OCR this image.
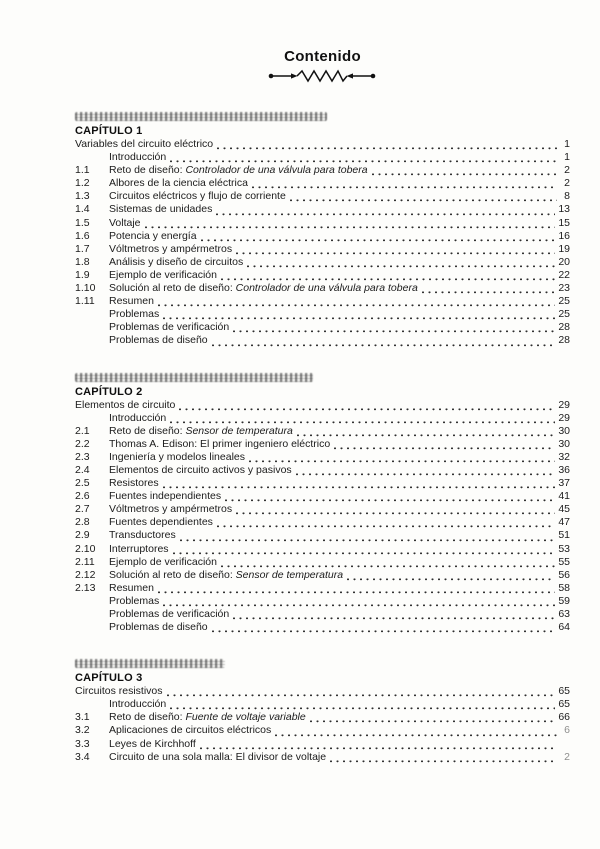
Contenido
CAPÍTULO 1
Variables del circuito eléctrico	1
Introducción	1
1.1	Reto de diseño: Controlador de una válvula para tobera	2
1.2	Albores de la ciencia eléctrica	2
1.3	Circuitos eléctricos y flujo de corriente	8
1.4	Sistemas de unidades	13
1.5	Voltaje	15
1.6	Potencia y energía	16
1.7	Vóltmetros y ampérmetros	19
1.8	Análisis y diseño de circuitos	20
1.9	Ejemplo de verificación	22
1.10	Solución al reto de diseño: Controlador de una válvula para tobera	23
1.11	Resumen	25
Problemas	25
Problemas de verificación	28
Problemas de diseño	28
CAPÍTULO 2
Elementos de circuito	29
Introducción	29
2.1	Reto de diseño: Sensor de temperatura	30
2.2	Thomas A. Edison: El primer ingeniero eléctrico	30
2.3	Ingeniería y modelos lineales	32
2.4	Elementos de circuito activos y pasivos	36
2.5	Resistores	37
2.6	Fuentes independientes	41
2.7	Vóltmetros y ampérmetros	45
2.8	Fuentes dependientes	47
2.9	Transductores	51
2.10	Interruptores	53
2.11	Ejemplo de verificación	55
2.12	Solución al reto de diseño: Sensor de temperatura	56
2.13	Resumen	58
Problemas	59
Problemas de verificación	63
Problemas de diseño	64
CAPÍTULO 3
Circuitos resistivos	65
Introducción	65
3.1	Reto de diseño: Fuente de voltaje variable	66
3.2	Aplicaciones de circuitos eléctricos	6
3.3	Leyes de Kirchhoff
3.4	Circuito de una sola malla: El divisor de voltaje	2
